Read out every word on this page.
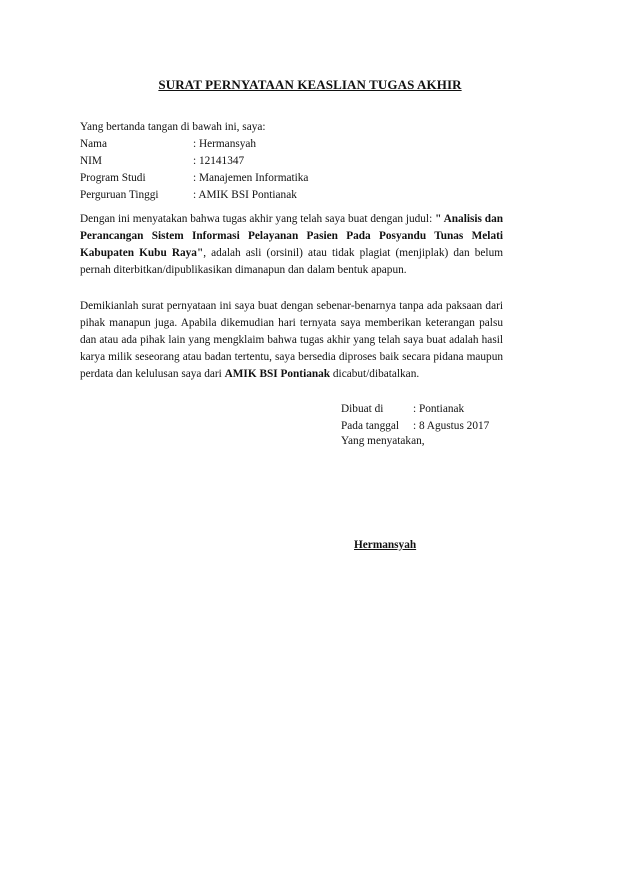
SURAT PERNYATAAN KEASLIAN TUGAS AKHIR
Yang bertanda tangan di bawah ini, saya:
Nama	: Hermansyah
NIM	: 12141347
Program Studi	: Manajemen Informatika
Perguruan Tinggi	: AMIK BSI Pontianak

Dengan ini menyatakan bahwa tugas akhir yang telah saya buat dengan judul: " Analisis dan Perancangan Sistem Informasi Pelayanan Pasien Pada Posyandu Tunas Melati Kabupaten Kubu Raya", adalah asli (orsinil) atau tidak plagiat (menjiplak) dan belum pernah diterbitkan/dipublikasikan dimanapun dan dalam bentuk apapun.

Demikianlah surat pernyataan ini saya buat dengan sebenar-benarnya tanpa ada paksaan dari pihak manapun juga. Apabila dikemudian hari ternyata saya memberikan keterangan palsu dan atau ada pihak lain yang mengklaim bahwa tugas akhir yang telah saya buat adalah hasil karya milik seseorang atau badan tertentu, saya bersedia diproses baik secara pidana maupun perdata dan kelulusan saya dari AMIK BSI Pontianak dicabut/dibatalkan.

Dibuat di	: Pontianak
Pada tanggal	: 8 Agustus 2017
Yang menyatakan,
Hermansyah
